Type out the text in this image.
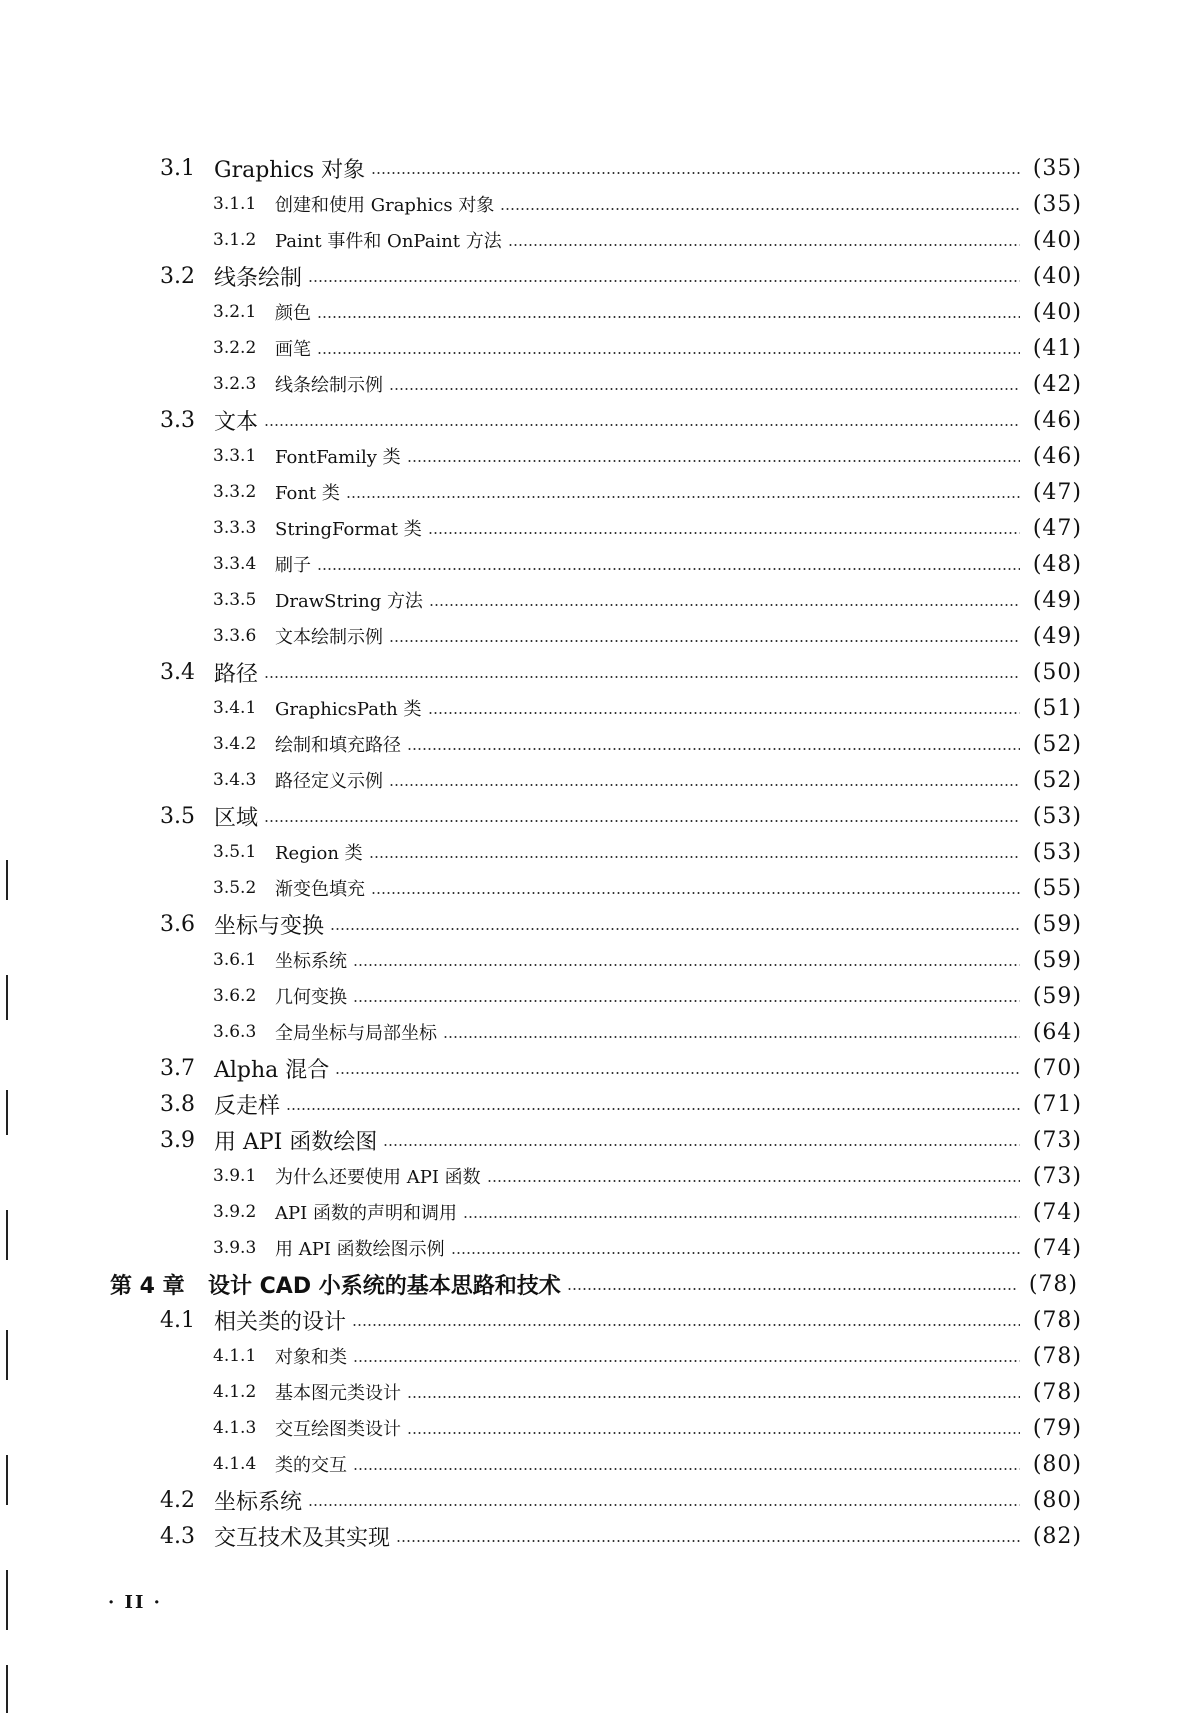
3.1 Graphics 对象	(35)
3.1.1	创建和使用 Graphics 对象	(35)
3.1.2	Paint 事件和 OnPaint 方法	(40)
3.2 线条绘制	(40)
3.2.1	颜色	(40)
3.2.2	画笔	(41)
3.2.3	线条绘制示例	(42)
3.3 文本	(46)
3.3.1	FontFamily 类	(46)
3.3.2	Font 类	(47)
3.3.3	StringFormat 类	(47)
3.3.4	刷子	(48)
3.3.5	DrawString 方法	(49)
3.3.6	文本绘制示例	(49)
3.4 路径	(50)
3.4.1	GraphicsPath 类	(51)
3.4.2	绘制和填充路径	(52)
3.4.3	路径定义示例	(52)
3.5 区域	(53)
3.5.1	Region 类	(53)
3.5.2	渐变色填充	(55)
3.6 坐标与变换	(59)
3.6.1	坐标系统	(59)
3.6.2	几何变换	(59)
3.6.3	全局坐标与局部坐标	(64)
3.7 Alpha 混合	(70)
3.8 反走样	(71)
3.9 用 API 函数绘图	(73)
3.9.1	为什么还要使用 API 函数	(73)
3.9.2	API 函数的声明和调用	(74)
3.9.3	用 API 函数绘图示例	(74)
第 4 章	设计 CAD 小系统的基本思路和技术	(78)
4.1 相关类的设计	(78)
4.1.1	对象和类	(78)
4.1.2	基本图元类设计	(78)
4.1.3	交互绘图类设计	(79)
4.1.4	类的交互	(80)
4.2 坐标系统	(80)
4.3 交互技术及其实现	(82)
· II ·
